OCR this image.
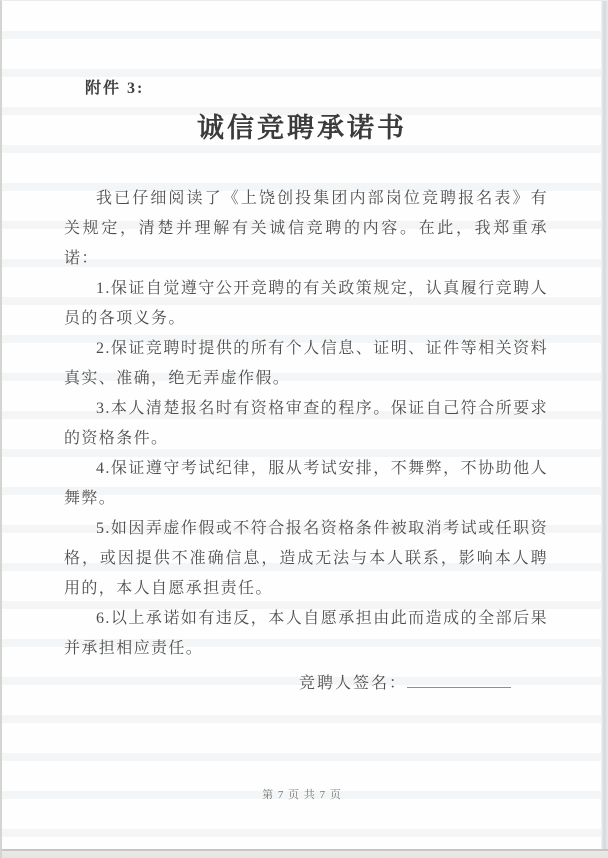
附件 3:
诚信竞聘承诺书

我已仔细阅读了《上饶创投集团内部岗位竞聘报名表》有关规定，清楚并理解有关诚信竞聘的内容。在此，我郑重承诺：

1.保证自觉遵守公开竞聘的有关政策规定，认真履行竞聘人员的各项义务。

2.保证竞聘时提供的所有个人信息、证明、证件等相关资料真实、准确，绝无弄虚作假。

3.本人清楚报名时有资格审查的程序。保证自己符合所要求的资格条件。

4.保证遵守考试纪律，服从考试安排，不舞弊，不协助他人舞弊。

5.如因弄虚作假或不符合报名资格条件被取消考试或任职资格，或因提供不准确信息，造成无法与本人联系，影响本人聘用的，本人自愿承担责任。

6.以上承诺如有违反，本人自愿承担由此而造成的全部后果并承担相应责任。

竞聘人签名：
第 7 页 共 7 页
